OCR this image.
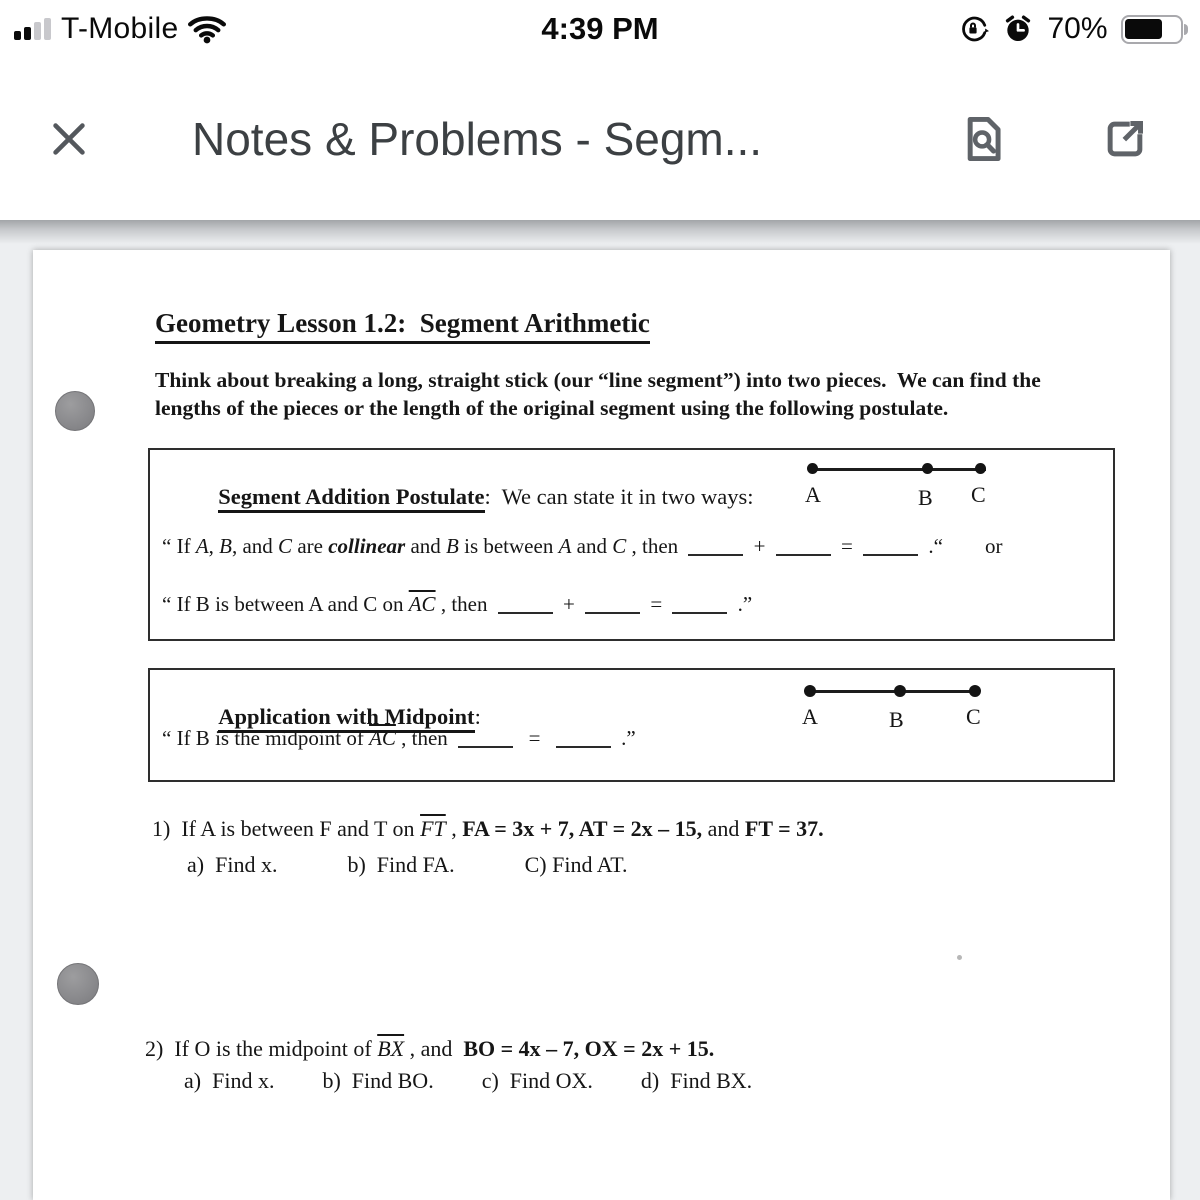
T-Mobile	4:39 PM	70%
Notes & Problems - Segm...
Geometry Lesson 1.2:  Segment Arithmetic
Think about breaking a long, straight stick (our “line segment”) into two pieces.  We can find the lengths of the pieces or the length of the original segment using the following postulate.

Segment Addition Postulate:  We can state it in two ways:
A	B C
“ If A, B, and C are collinear and B is between A and C , then	+	=	.“ or
“ If B is between A and C on $\overline{AC}$ , then	+	=	.”

Application with Midpoint:
	A	B	C
“ If B is the midpoint of $\overline{AC}$ , then	=	.”
1)  If A is between F and T on $\overline{FT}$ , FA = 3x + 7, AT = 2x – 15, and FT = 37.
a)  Find x.	b)  Find FA.	C) Find AT.
2)  If O is the midpoint of $\overline{BX}$ , and  BO = 4x – 7, OX = 2x + 15.
a)  Find x. b)  Find BO. c)  Find OX. d)  Find BX.
